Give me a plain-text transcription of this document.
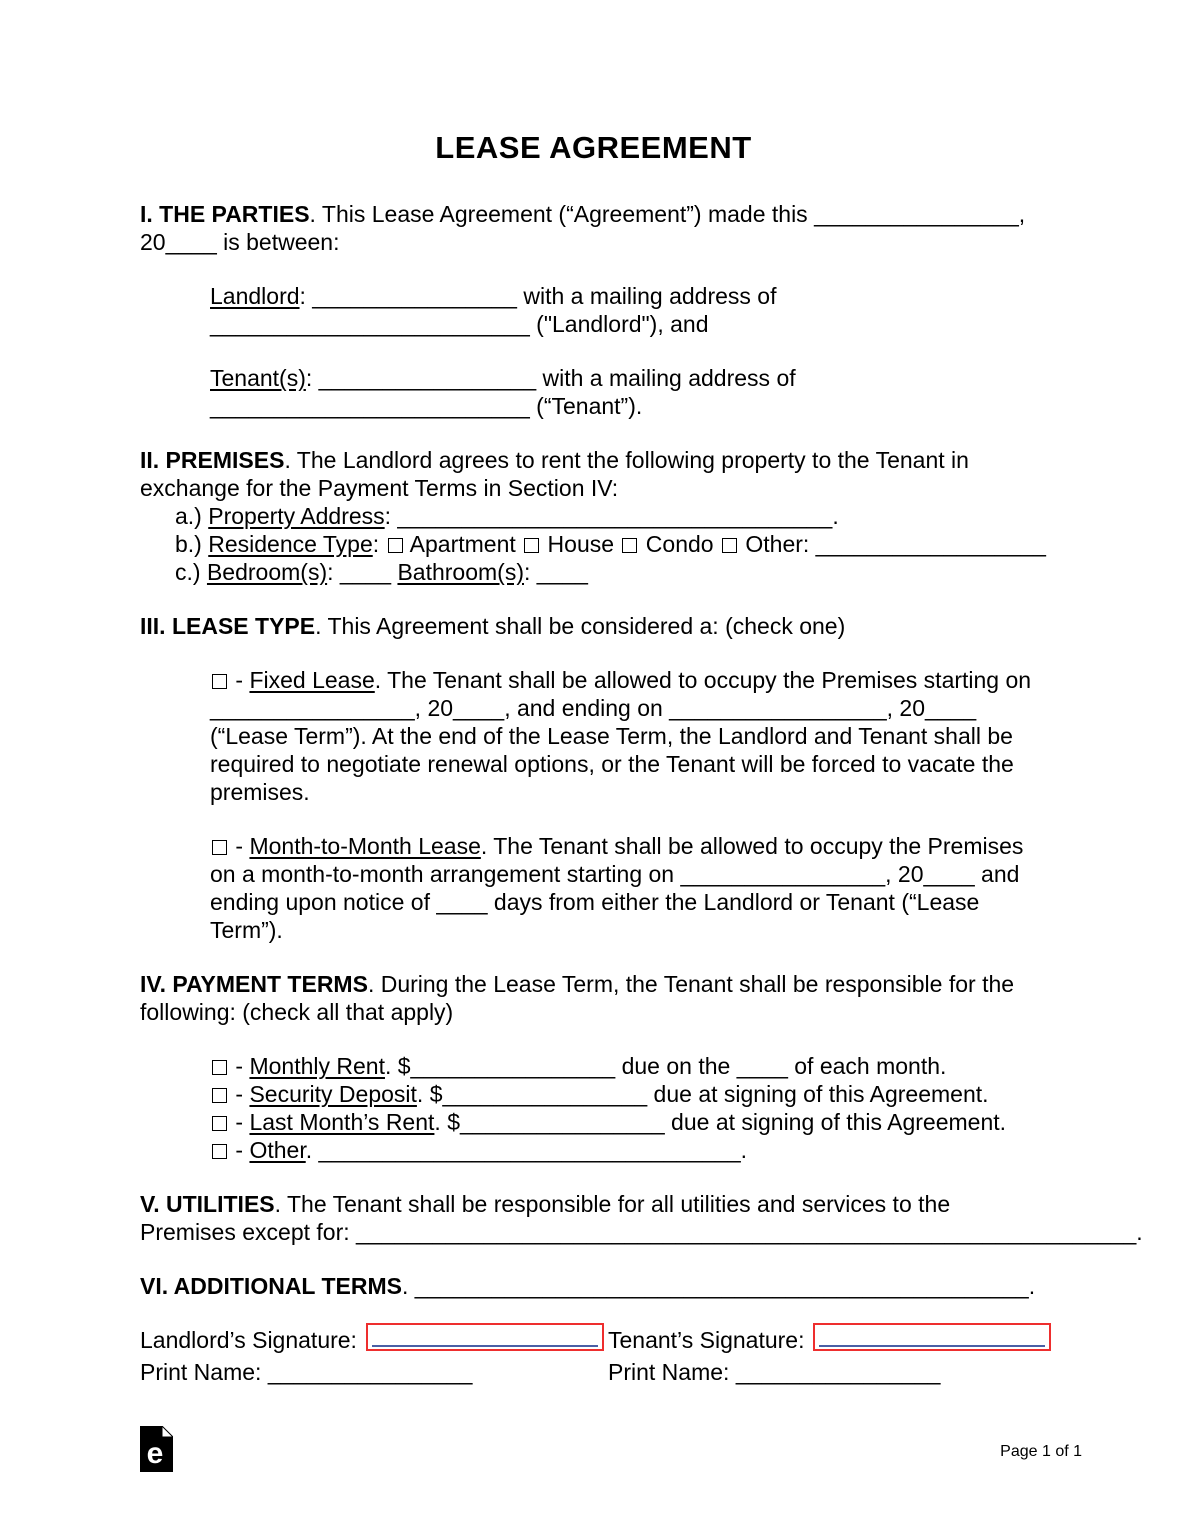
LEASE AGREEMENT
I. THE PARTIES. This Lease Agreement (“Agreement”) made this ________________,
20____ is between:
Landlord: ________________ with a mailing address of
_________________________ ("Landlord"), and
Tenant(s): _________________ with a mailing address of
_________________________ (“Tenant”).
II. PREMISES. The Landlord agrees to rent the following property to the Tenant in
exchange for the Payment Terms in Section IV:
a.) Property Address: __________________________________.
b.) Residence Type:  Apartment  House  Condo  Other: __________________
c.) Bedroom(s): ____ Bathroom(s): ____
III. LEASE TYPE. This Agreement shall be considered a: (check one)
- Fixed Lease. The Tenant shall be allowed to occupy the Premises starting on
________________, 20____, and ending on _________________, 20____
(“Lease Term”). At the end of the Lease Term, the Landlord and Tenant shall be
required to negotiate renewal options, or the Tenant will be forced to vacate the
premises.
- Month-to-Month Lease. The Tenant shall be allowed to occupy the Premises
on a month-to-month arrangement starting on ________________, 20____ and
ending upon notice of ____ days from either the Landlord or Tenant (“Lease
Term”).
IV. PAYMENT TERMS. During the Lease Term, the Tenant shall be responsible for the
following: (check all that apply)
- Monthly Rent. $________________ due on the ____ of each month.
- Security Deposit. $________________ due at signing of this Agreement.
- Last Month’s Rent. $________________ due at signing of this Agreement.
- Other. _________________________________.
V. UTILITIES. The Tenant shall be responsible for all utilities and services to the
Premises except for: _____________________________________________________________.
VI. ADDITIONAL TERMS. ________________________________________________.
Landlord’s Signature:	Tenant’s Signature:
Print Name: ________________	Print Name: ________________
e	Page 1 of 1
